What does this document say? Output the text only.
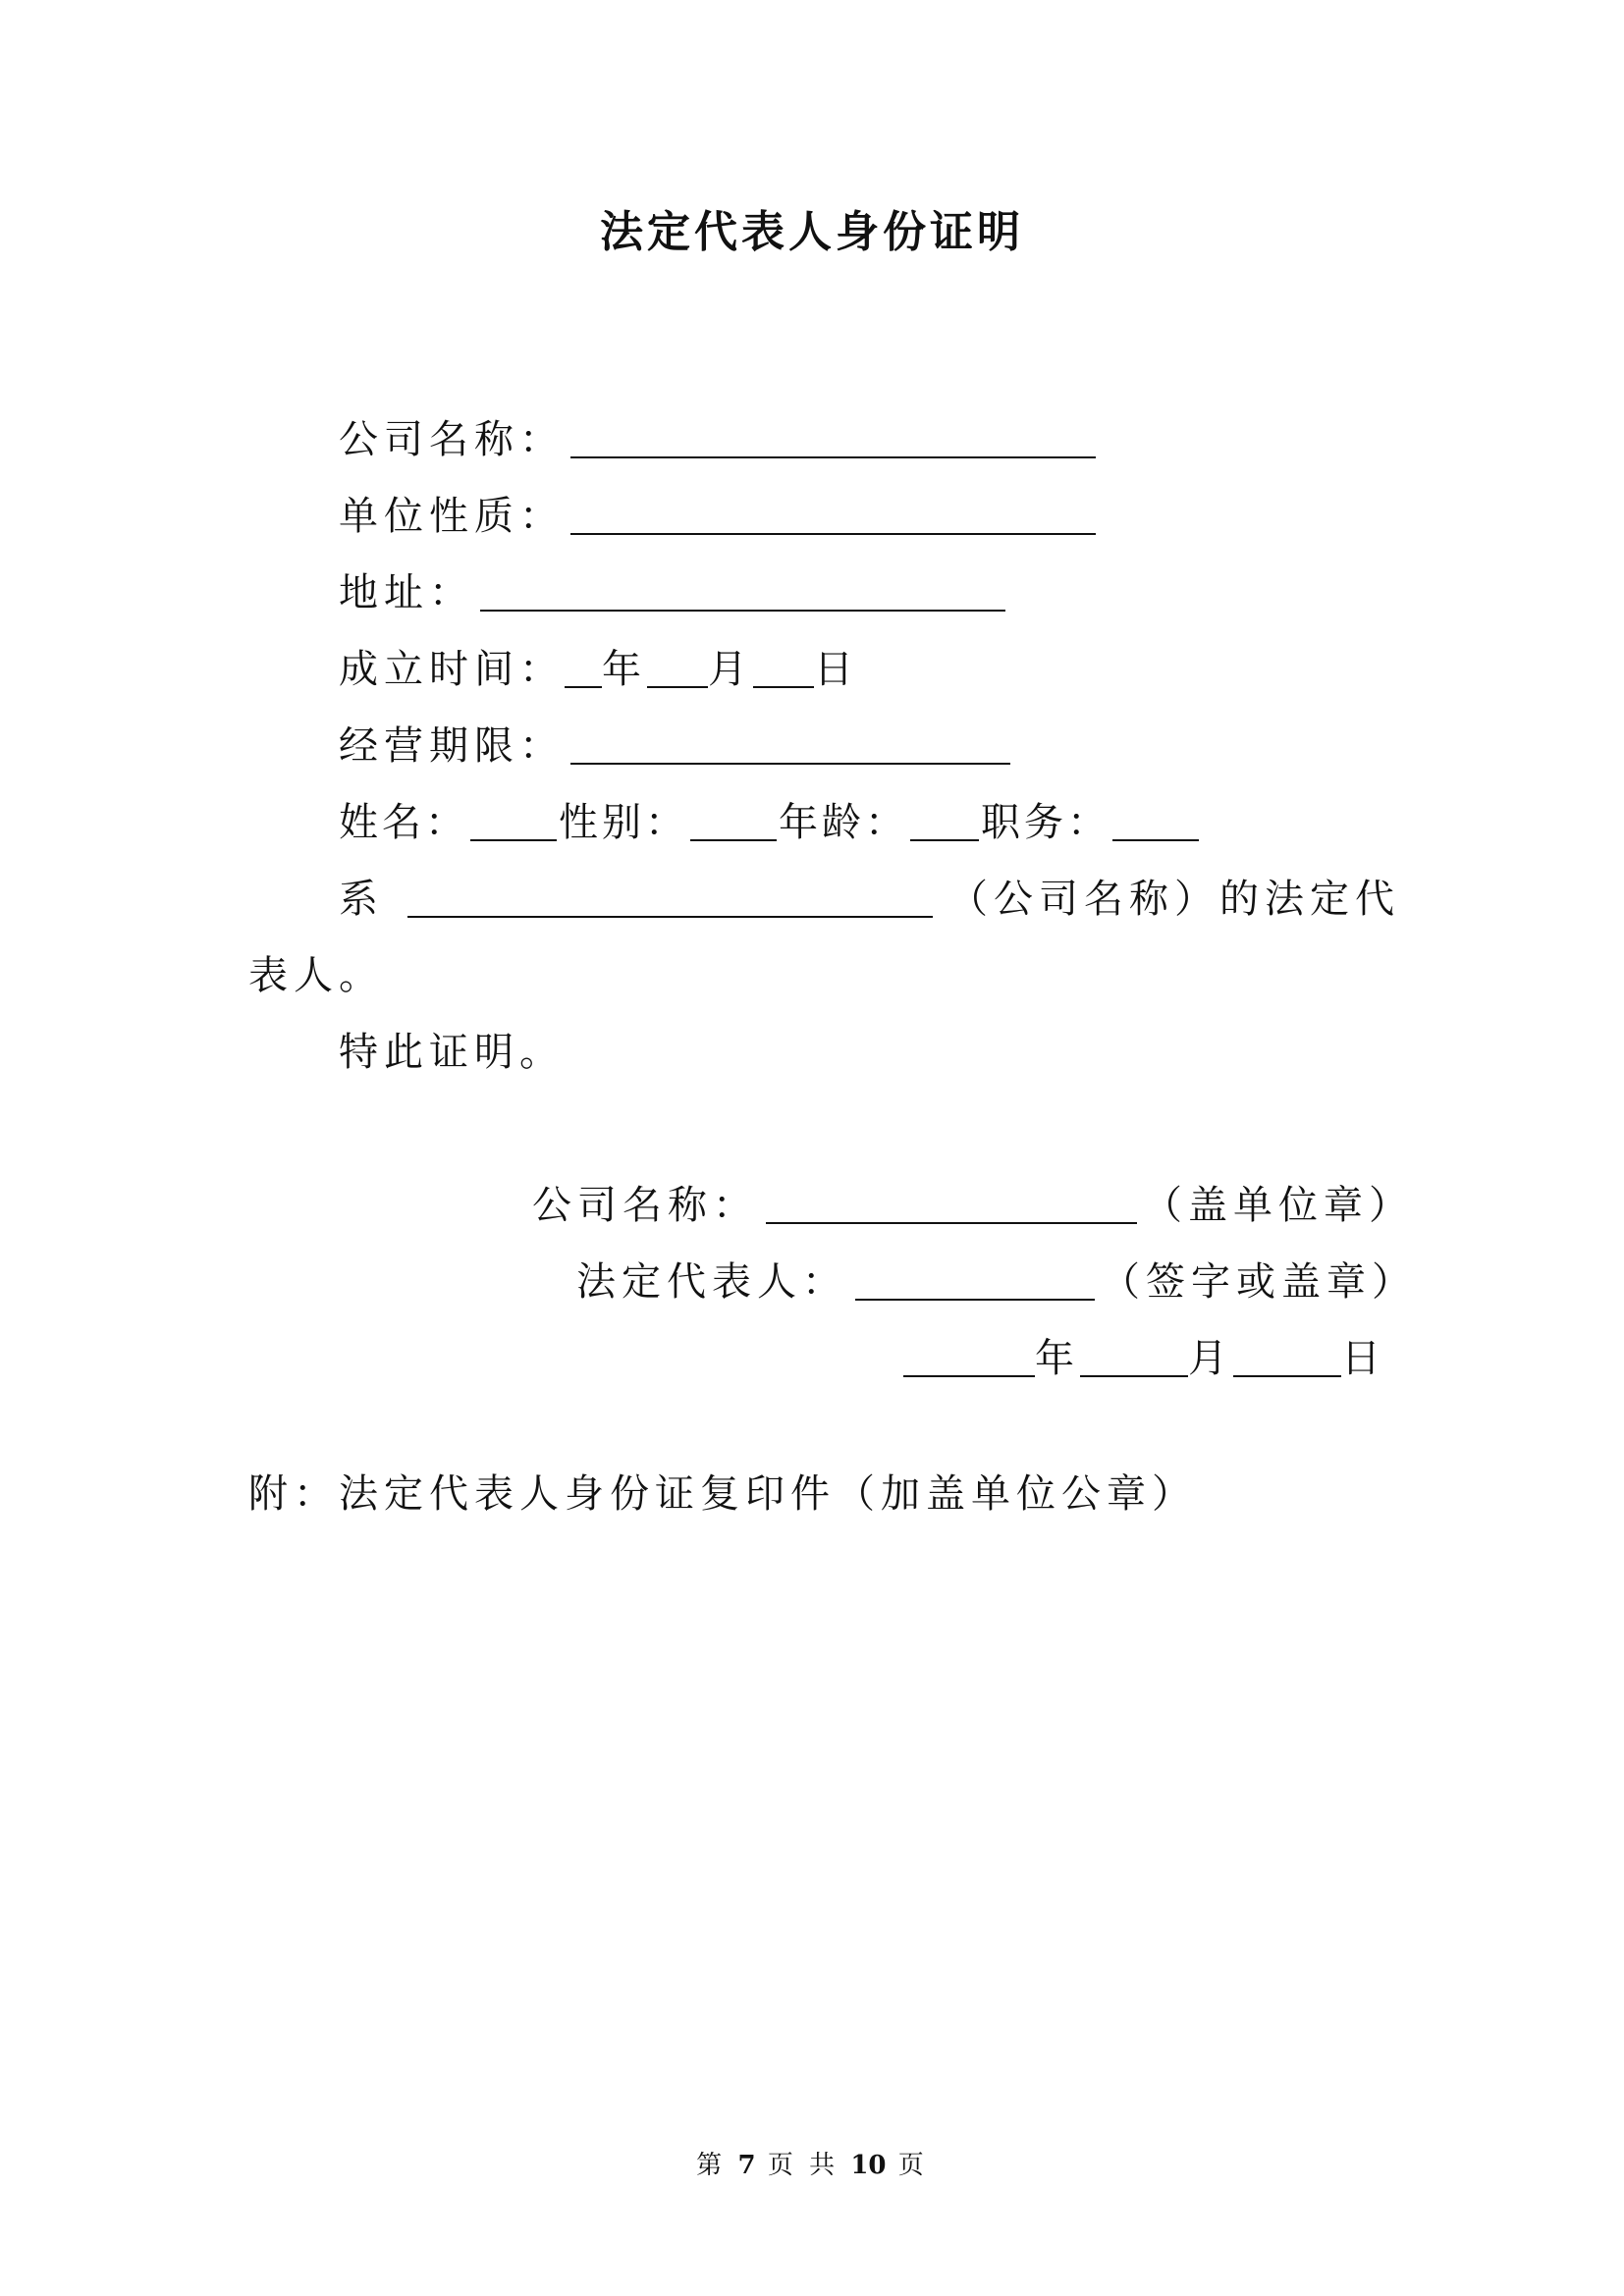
法定代表人身份证明
公司名称：
单位性质：
地址：
成立时间： 年 月 日
经营期限：
姓名： 性别： 年龄： 职务：
系	（公司名称）的法定代
表人。
特此证明。
公司名称：	（盖单位章）
法定代表人：	（签字或盖章）
年	月	日
附：法定代表人身份证复印件（加盖单位公章）
第 7 页 共 10 页
